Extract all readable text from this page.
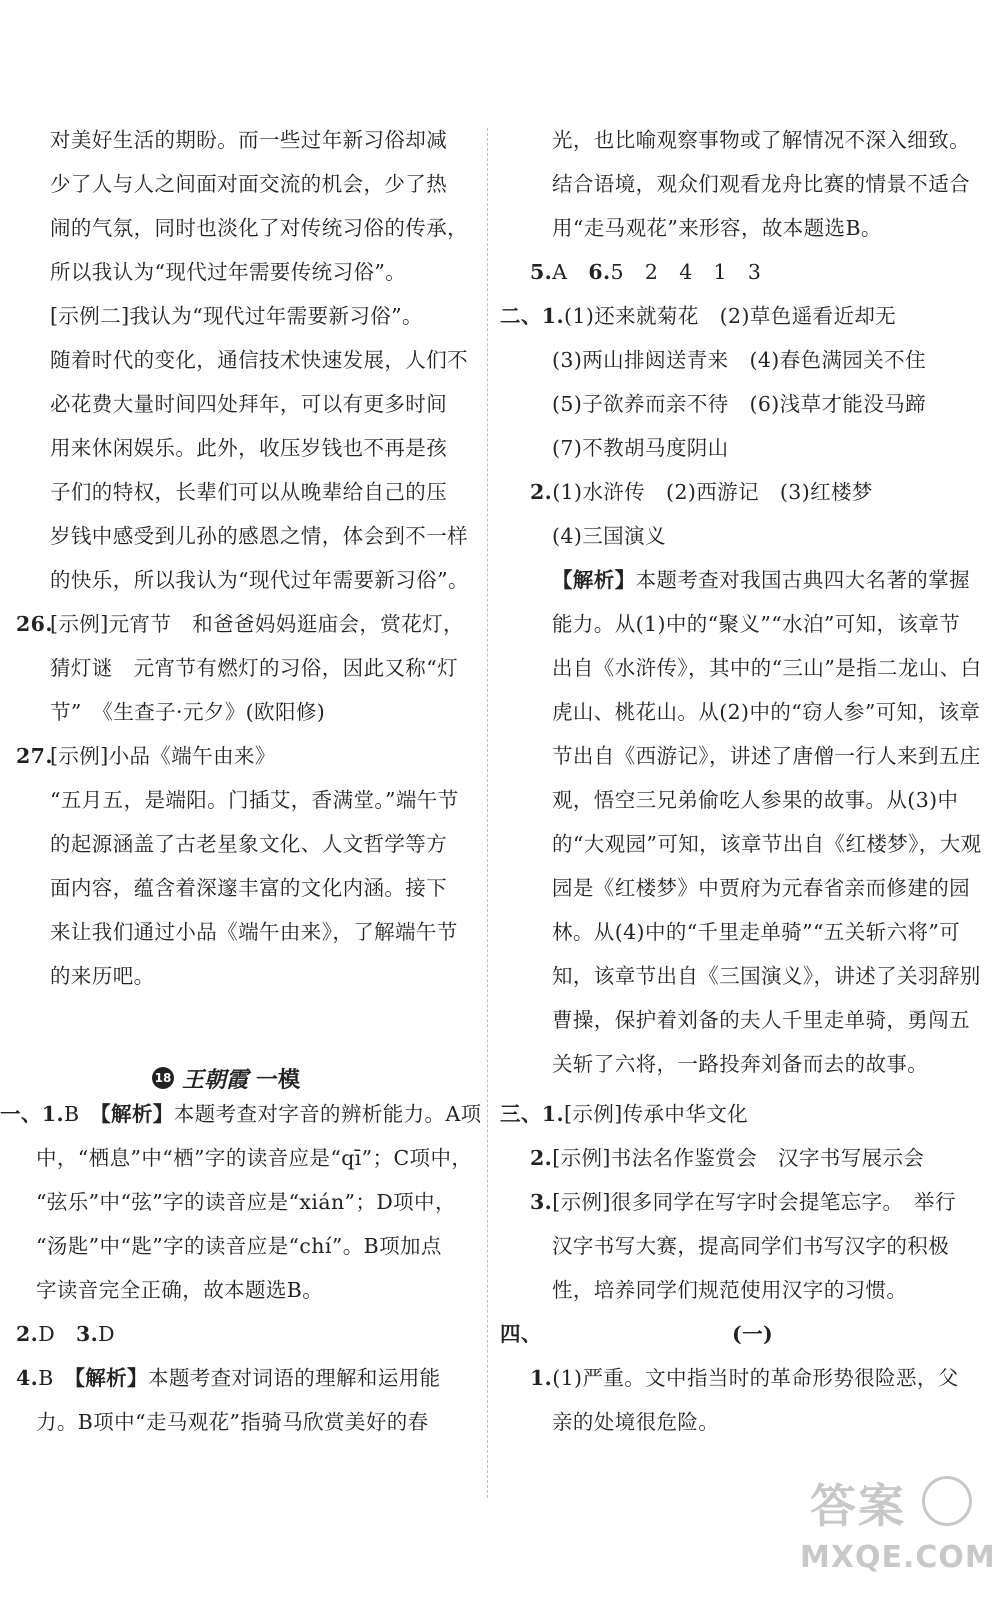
对美好生活的期盼。而一些过年新习俗却减
少了人与人之间面对面交流的机会，少了热
闹的气氛，同时也淡化了对传统习俗的传承，
所以我认为“现代过年需要传统习俗”。
[示例二]我认为“现代过年需要新习俗”。
随着时代的变化，通信技术快速发展，人们不
必花费大量时间四处拜年，可以有更多时间
用来休闲娱乐。此外，收压岁钱也不再是孩
子们的特权，长辈们可以从晚辈给自己的压
岁钱中感受到儿孙的感恩之情，体会到不一样
的快乐，所以我认为“现代过年需要新习俗”。
26.
[示例]元宵节　和爸爸妈妈逛庙会，赏花灯，
猜灯谜　元宵节有燃灯的习俗，因此又称“灯
节”　《生查子·元夕》(欧阳修)
27.
[示例]小品《端午由来》
“五月五，是端阳。门插艾，香满堂。”端午节
的起源涵盖了古老星象文化、人文哲学等方
面内容，蕴含着深邃丰富的文化内涵。接下
来让我们通过小品《端午由来》，了解端午节
的来历吧。
18 王朝霞 一模
一、1.B　【解析】本题考查对字音的辨析能力。A项
中，“栖息”中“栖”字的读音应是“qī”；C项中，
“弦乐”中“弦”字的读音应是“xián”；D项中，
“汤匙”中“匙”字的读音应是“chí”。B项加点
字读音完全正确，故本题选B。
2.D　3.D
4.B　【解析】本题考查对词语的理解和运用能
力。B项中“走马观花”指骑马欣赏美好的春
光，也比喻观察事物或了解情况不深入细致。
结合语境，观众们观看龙舟比赛的情景不适合
用“走马观花”来形容，故本题选B。
5.A　6.5　2　4　1　3
二、1.(1)还来就菊花　(2)草色遥看近却无
(3)两山排闼送青来　(4)春色满园关不住
(5)子欲养而亲不待　(6)浅草才能没马蹄
(7)不教胡马度阴山
2.(1)水浒传　(2)西游记　(3)红楼梦
(4)三国演义
【解析】本题考查对我国古典四大名著的掌握
能力。从(1)中的“聚义”“水泊”可知，该章节
出自《水浒传》，其中的“三山”是指二龙山、白
虎山、桃花山。从(2)中的“窃人参”可知，该章
节出自《西游记》，讲述了唐僧一行人来到五庄
观，悟空三兄弟偷吃人参果的故事。从(3)中
的“大观园”可知，该章节出自《红楼梦》，大观
园是《红楼梦》中贾府为元春省亲而修建的园
林。从(4)中的“千里走单骑”“五关斩六将”可
知，该章节出自《三国演义》，讲述了关羽辞别
曹操，保护着刘备的夫人千里走单骑，勇闯五
关斩了六将，一路投奔刘备而去的故事。
三、1.[示例]传承中华文化
2.[示例]书法名作鉴赏会　汉字书写展示会
3.[示例]很多同学在写字时会提笔忘字。　举行
汉字书写大赛，提高同学们书写汉字的积极
性，培养同学们规范使用汉字的习惯。
四、	(一)
1.(1)严重。文中指当时的革命形势很险恶，父
亲的处境很危险。
答案
MXQE.COM
